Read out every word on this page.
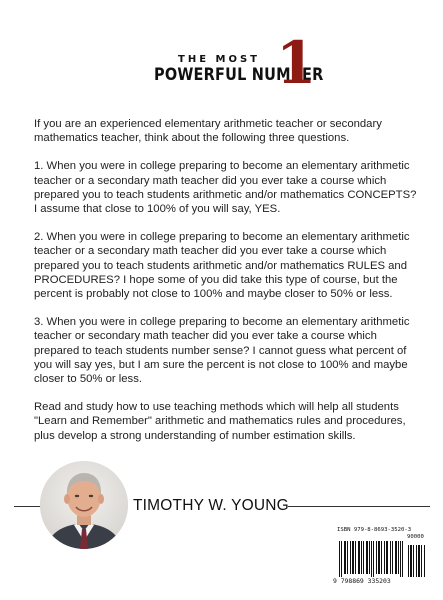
THE MOST
POWERFUL NUMBER
1

If you are an experienced elementary arithmetic teacher or secondary mathematics teacher, think about the following three questions.

1. When you were in college preparing to become an elementary arithmetic teacher or a secondary math teacher did you ever take a course which prepared you to teach students arithmetic and/or mathematics CONCEPTS? I assume that close to 100% of you will say, YES.

2. When you were in college preparing to become an elementary arithmetic teacher or a secondary math teacher did you ever take a course which prepared you to teach students arithmetic and/or mathematics RULES and PROCEDURES? I hope some of you did take this type of course, but the percent is probably not close to 100% and maybe closer to 50% or less.

3. When you were in college preparing to become an elementary arithmetic teacher or secondary math teacher did you ever take a course which prepared to teach students number sense? I cannot guess what percent of you will say yes, but I am sure the percent is not close to 100% and maybe closer to 50% or less.

Read and study how to use teaching methods which will help all students "Learn and Remember" arithmetic and mathematics rules and procedures, plus develop a strong understanding of number estimation skills.

TIMOTHY W. YOUNG
ISBN 979-8-8693-3520-3
90000
9 798869 335203
